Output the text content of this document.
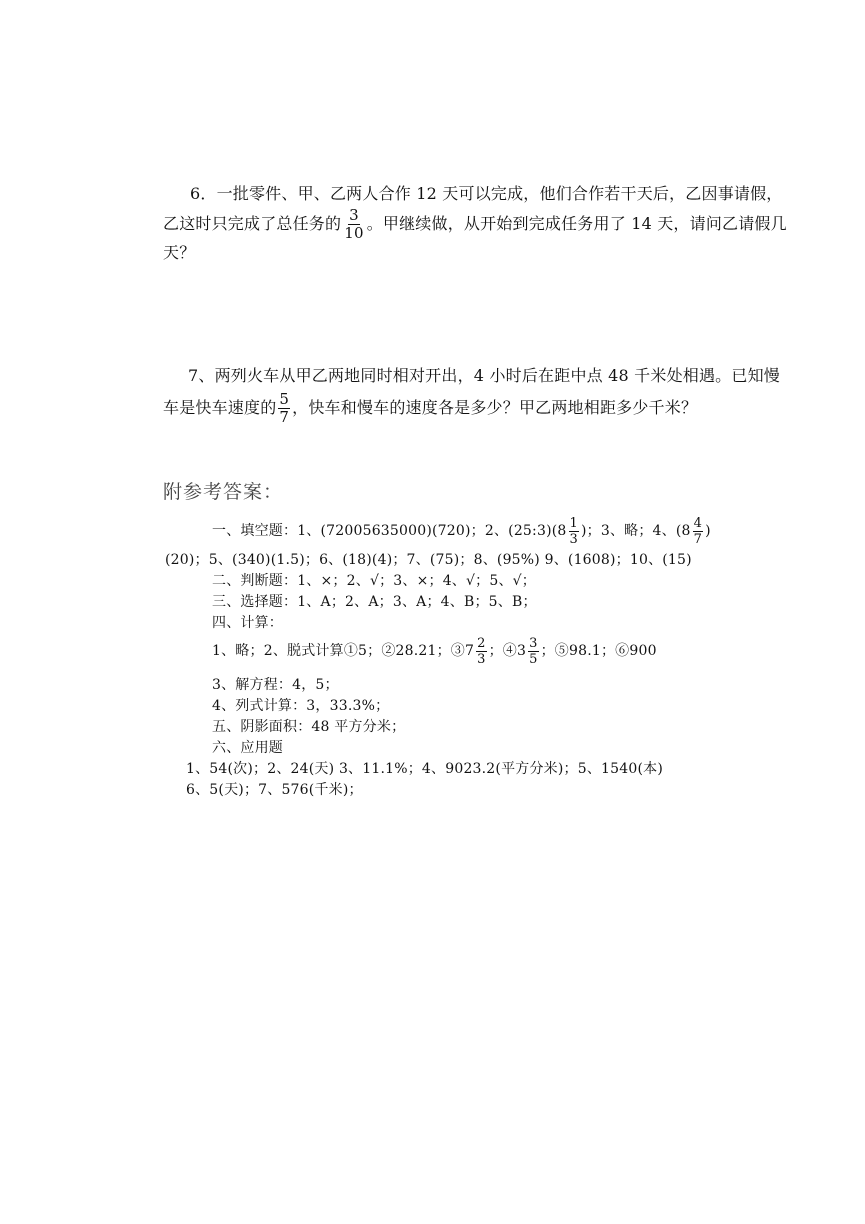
6．一批零件、甲、乙两人合作 12 天可以完成，他们合作若干天后，乙因事请假，
乙这时只完成了总任务的 $\frac{3}{10}$ 。甲继续做，从开始到完成任务用了 14 天，请问乙请假几
天？
7、两列火车从甲乙两地同时相对开出，4 小时后在距中点 48 千米处相遇。已知慢
车是快车速度的 $\frac{5}{7}$ ，快车和慢车的速度各是多少？甲乙两地相距多少千米？
附参考答案：
一、填空题：1、(72005635000)(720)；2、(25:3)(8 $\frac{1}{3}$ )；3、略；4、($8 \frac{4}{7}$ )
(20)；5、(340)(1.5)；6、(18)(4)；7、(75)；8、(95%) 9、(1608)；10、(15)
二、判断题：1、×；2、√；3、×；4、√；5、√；
三、选择题：1、A；2、A；3、A；4、B；5、B；
四、计算：
1、略；2、脱式计算①5；②28.21；③7 $\frac{2}{3}$ ；④3 $\frac{3}{5}$ ；⑤98.1；⑥900
3、解方程：4，5；
4、列式计算：3，33.3%；
五、阴影面积：48 平方分米；
六、应用题
1、54(次)；2、24(天) 3、11.1%；4、9023.2(平方分米)；5、1540(本)
6、5(天)；7、576(千米)；
